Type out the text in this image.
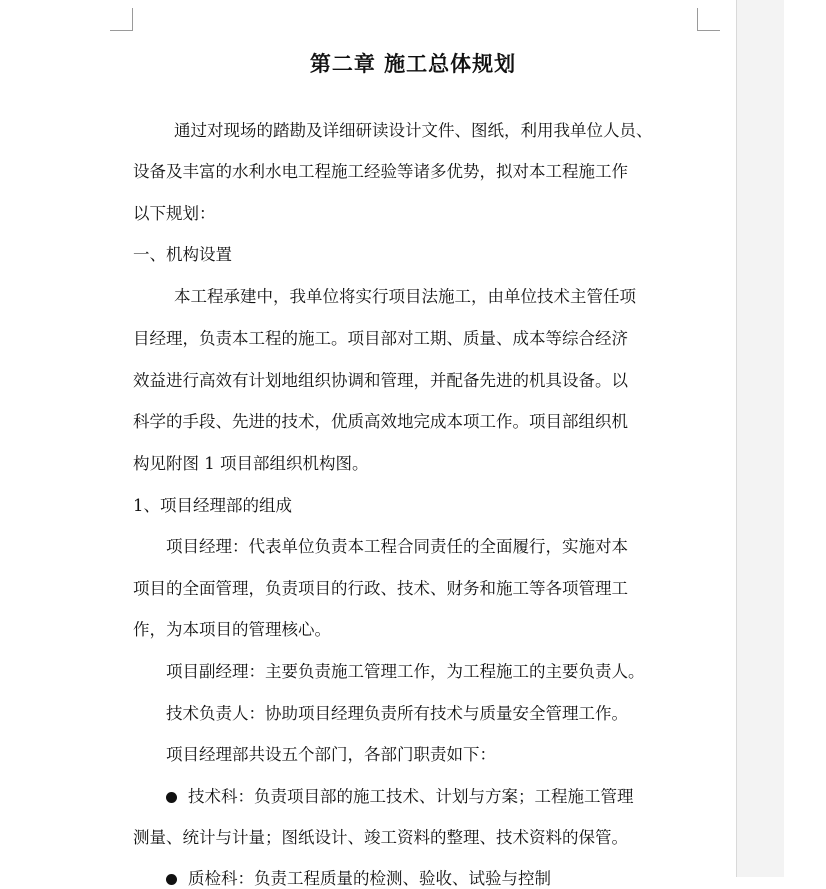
第二章 施工总体规划
通过对现场的踏勘及详细研读设计文件、图纸，利用我单位人员、
设备及丰富的水利水电工程施工经验等诸多优势，拟对本工程施工作
以下规划：
一、机构设置
本工程承建中，我单位将实行项目法施工，由单位技术主管任项
目经理，负责本工程的施工。项目部对工期、质量、成本等综合经济
效益进行高效有计划地组织协调和管理，并配备先进的机具设备。以
科学的手段、先进的技术，优质高效地完成本项工作。项目部组织机
构见附图 1 项目部组织机构图。
1、项目经理部的组成
项目经理：代表单位负责本工程合同责任的全面履行，实施对本
项目的全面管理，负责项目的行政、技术、财务和施工等各项管理工
作，为本项目的管理核心。
项目副经理：主要负责施工管理工作，为工程施工的主要负责人。
技术负责人：协助项目经理负责所有技术与质量安全管理工作。
项目经理部共设五个部门，各部门职责如下：
技术科：负责项目部的施工技术、计划与方案；工程施工管理
测量、统计与计量；图纸设计、竣工资料的整理、技术资料的保管。
质检科：负责工程质量的检测、验收、试验与控制
